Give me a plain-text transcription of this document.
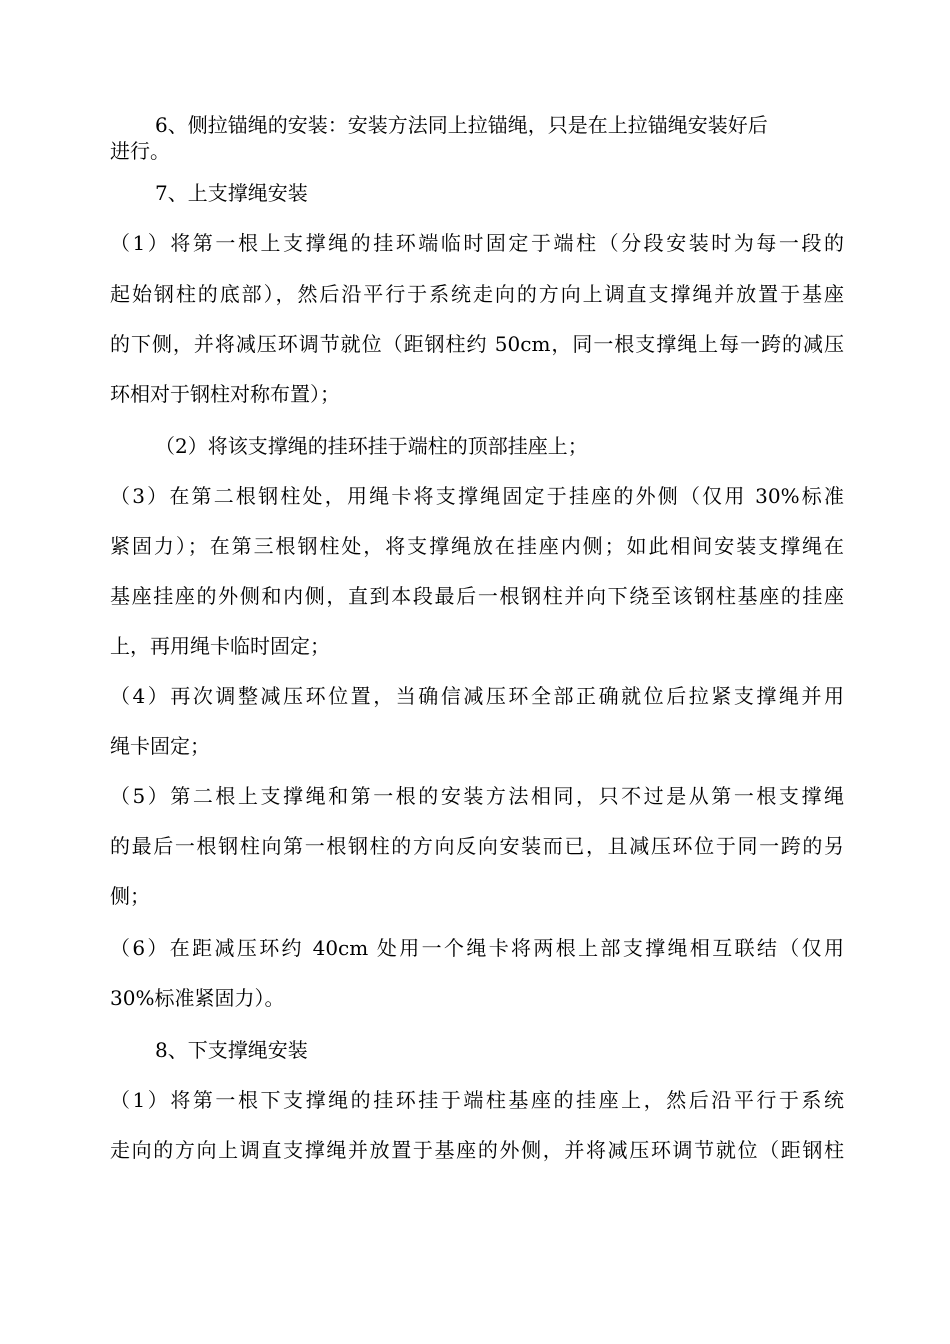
6、侧拉锚绳的安装：安装方法同上拉锚绳，只是在上拉锚绳安装好后
进行。
7、上支撑绳安装
（1）将第一根上支撑绳的挂环端临时固定于端柱（分段安装时为每一段的
起始钢柱的底部），然后沿平行于系统走向的方向上调直支撑绳并放置于基座
的下侧，并将减压环调节就位（距钢柱约 50cm，同一根支撑绳上每一跨的减压
环相对于钢柱对称布置）；
（2）将该支撑绳的挂环挂于端柱的顶部挂座上；
（3）在第二根钢柱处，用绳卡将支撑绳固定于挂座的外侧（仅用 30%标准
紧固力）；在第三根钢柱处，将支撑绳放在挂座内侧；如此相间安装支撑绳在
基座挂座的外侧和内侧，直到本段最后一根钢柱并向下绕至该钢柱基座的挂座
上，再用绳卡临时固定；
（4）再次调整减压环位置，当确信减压环全部正确就位后拉紧支撑绳并用
绳卡固定；
（5）第二根上支撑绳和第一根的安装方法相同，只不过是从第一根支撑绳
的最后一根钢柱向第一根钢柱的方向反向安装而已，且减压环位于同一跨的另
侧；
（6）在距减压环约 40cm 处用一个绳卡将两根上部支撑绳相互联结（仅用
30%标准紧固力）。
8、下支撑绳安装
（1）将第一根下支撑绳的挂环挂于端柱基座的挂座上，然后沿平行于系统
走向的方向上调直支撑绳并放置于基座的外侧，并将减压环调节就位（距钢柱
